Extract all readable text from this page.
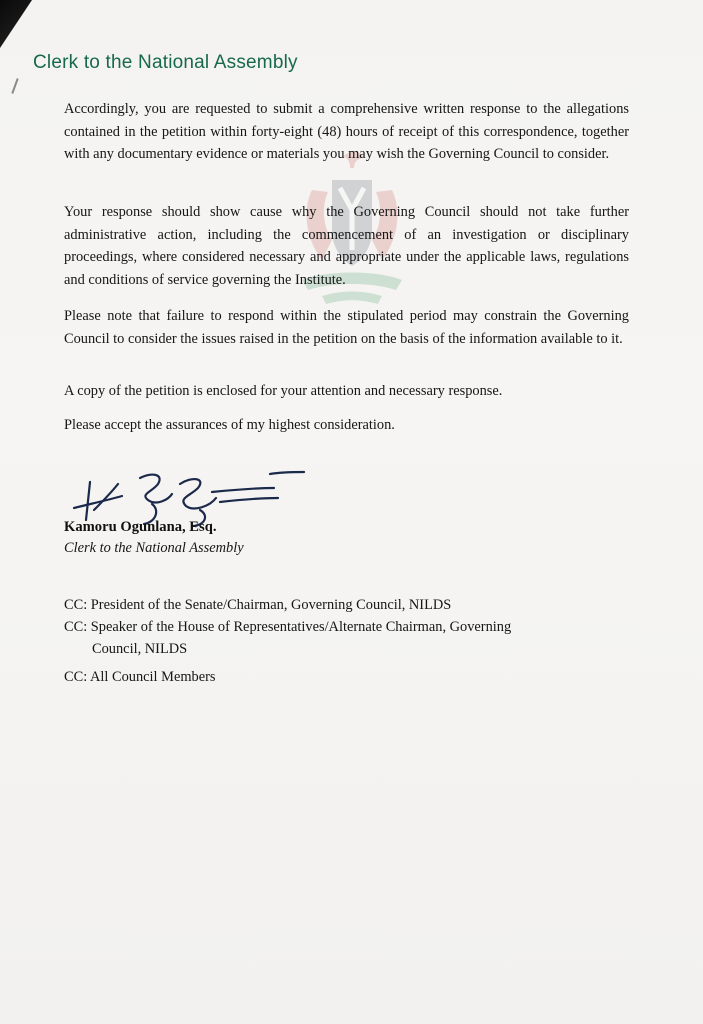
Clerk to the National Assembly
Accordingly, you are requested to submit a comprehensive written response to the allegations contained in the petition within forty-eight (48) hours of receipt of this correspondence, together with any documentary evidence or materials you may wish the Governing Council to consider.
Your response should show cause why the Governing Council should not take further administrative action, including the commencement of an investigation or disciplinary proceedings, where considered necessary and appropriate under the applicable laws, regulations and conditions of service governing the Institute.
Please note that failure to respond within the stipulated period may constrain the Governing Council to consider the issues raised in the petition on the basis of the information available to it.
A copy of the petition is enclosed for your attention and necessary response.
Please accept the assurances of my highest consideration.
Kamoru Ogunlana, Esq.
Clerk to the National Assembly
CC: President of the Senate/Chairman, Governing Council, NILDS
CC: Speaker of the House of Representatives/Alternate Chairman, Governing
Council, NILDS
CC: All Council Members
